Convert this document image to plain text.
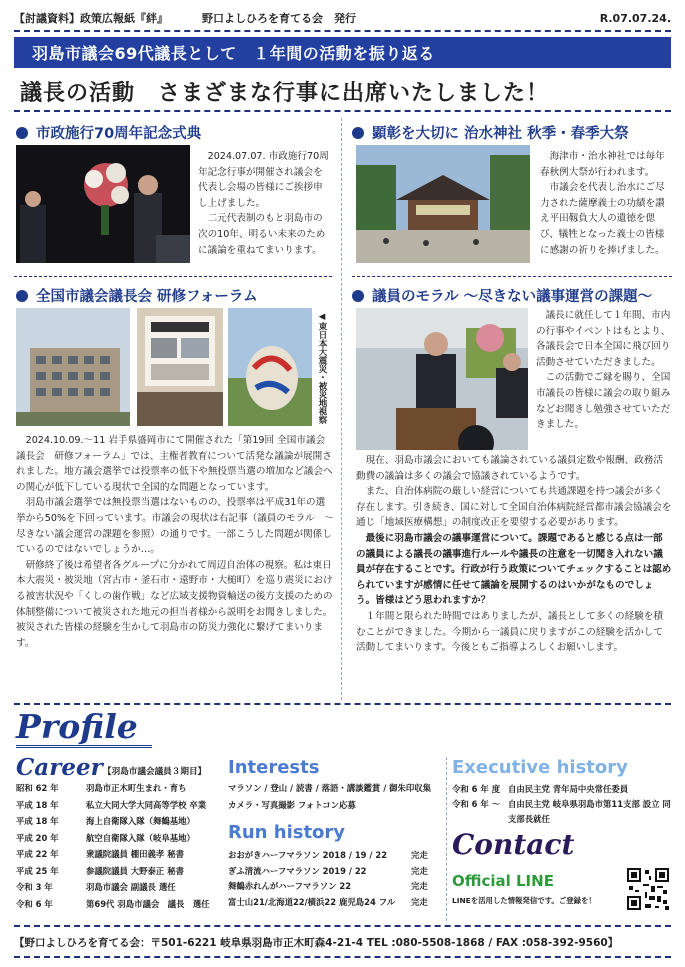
【討議資料】政策広報紙『絆』	野口よしひろを育てる会　発行	R.07.07.24.
羽島市議会69代議長として　１年間の活動を振り返る
議長の活動　さまざまな行事に出席いたしました！
市政施行70周年記念式典

2024.07.07. 市政施行70周年記念行事が開催され議会を代表し会場の皆様にご挨拶申し上げました。

二元代表制のもと羽島市の次の10年、明るい未来のために議論を重ねてまいります。

顕彰を大切に 治水神社 秋季・春季大祭

海津市・治水神社では毎年春秋例大祭が行われます。

市議会を代表し治水にご尽力された薩摩義士の功績を讃え平田靱負大人の遺徳を偲び、犠牲となった義士の皆様に感謝の祈りを捧げました。

全国市議会議長会 研修フォーラム
◀東日本大震災・被災地視察

2024.10.09.～11 岩手県盛岡市にて開催された「第19回 全国市議会議長会　研修フォーラム」では、主権者教育について活発な議論が展開されました。地方議会選挙では投票率の低下や無投票当選の増加など議会への関心が低下している現状で全国的な問題となっています。

羽島市議会選挙では無投票当選はないものの、投票率は平成31年の選挙から50%を下回っています。市議会の現状は右記事（議員のモラル　～尽きない議会運営の課題を参照）の通りです。一部こうした問題が関係しているのではないでしょうか…。

研修終了後は希望者各グループに分かれて周辺自治体の視察。私は東日本大震災・被災地（宮古市・釜石市・遠野市・大槌町）を巡り震災における被害状況や「くしの歯作戦」など広域支援物資輸送の後方支援のための体制整備について被災された地元の担当者様から説明をお聞きしました。被災された皆様の経験を生かして羽島市の防災力強化に繋げてまいります。

議員のモラル ～尽きない議事運営の課題～

議長に就任して１年間、市内の行事やイベントはもとより、各議長会で日本全国に飛び回り活動させていただきました。

この活動でご縁を賜り、全国市議長の皆様に議会の取り組みなどお聞きし勉強させていただきました。

現在、羽島市議会においても議論されている議員定数や報酬、政務活動費の議論は多くの議会で協議されているようです。

また、自治体病院の厳しい経営についても共通課題を持つ議会が多く存在します。引き続き、国に対して全国自治体病院経営都市議会協議会を通じ「地域医療構想」の制度改正を要望する必要があります。

最後に羽島市議会の議事運営について。課題であると感じる点は一部の議員による議長の議事進行ルールや議長の注意を一切聞き入れない議員が存在することです。行政が行う政策についてチェックすることは認められていますが感情に任せて議論を展開するのはいかがなものでしょう。皆様はどう思われますか？

１年間と限られた時間ではありましたが、議長として多くの経験を積むことができました。今期から一議員に戻りますがこの経験を活かして活動してまいります。今後ともご指導よろしくお願いします。

Profile
Career 【羽島市議会議員３期目】
昭和 62 年	羽島市正木町生まれ・育ち
平成 18 年	私立大同大学大同高等学校 卒業
平成 18 年	海上自衛隊入隊（舞鶴基地）
平成 20 年	航空自衛隊入隊（岐阜基地）
平成 22 年	衆議院議員 棚田義孝 秘書
平成 25 年	参議院議員 大野泰正 秘書
令和 3 年	羽島市議会 副議長 選任
令和 6 年	第69代 羽島市議会　議長　選任
Interests
マラソン / 登山 / 読書 / 落語・講談鑑賞 / 御朱印収集
カメラ・写真撮影 フォトコン応募
Run history
おおがきハーフマラソン 2018 / 19 / 22	完走
ぎふ清流ハーフマラソン 2019 / 22	完走
舞鶴赤れんがハーフマラソン 22	完走
富士山21/北海道22/横浜22 鹿児島24 フル	完走
Executive history
令和 6 年 度 自由民主党 青年局中央常任委員
令和 6 年 ～ 自由民主党 岐阜県羽島市第11支部 設立 同支部長就任
Contact
Official LINE
LINEを活用した情報発信です。ご登録を！
【野口よしひろを育てる会：〒501-6221 岐阜県羽島市正木町森4-21-4 TEL :080-5508-1868 / FAX :058-392-9560】
